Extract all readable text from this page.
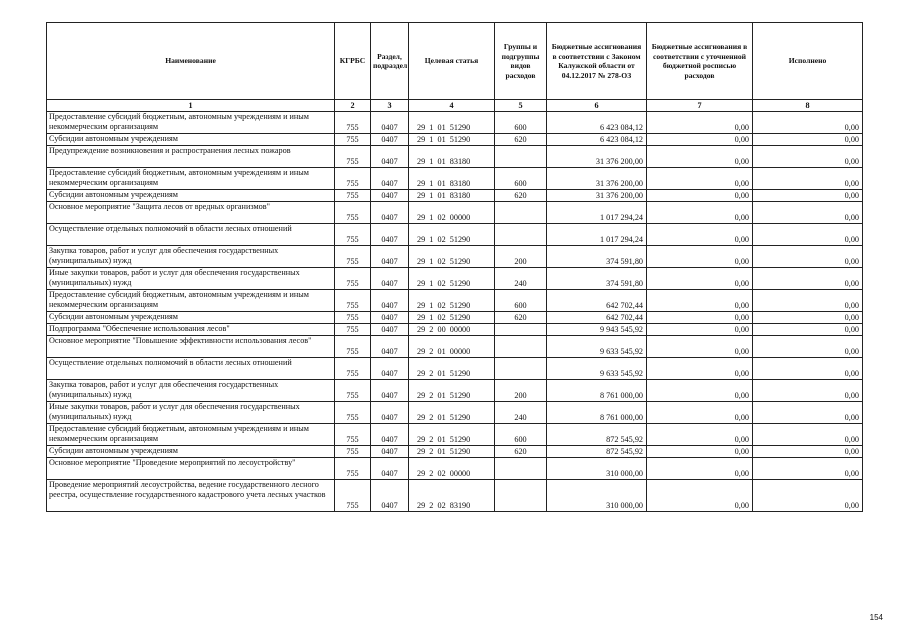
Наименование	КГРБС	Раздел, подраздел	Целевая статья	Группы и подгруппы видов расходов	Бюджетные ассигнования в соответствии с Законом Калужской области от 04.12.2017 № 278-ОЗ	Бюджетные ассигнования в соответствии с уточненной бюджетной росписью расходов	Исполнено
1	2	3	4	5	6	7	8
Предоставление субсидий бюджетным, автономным учреждениям и иным некоммерческим организациям	755	0407	29  1  01  51290	600	6 423 084,12	0,00	0,00
Субсидии автономным учреждениям	755	0407	29  1  01  51290	620	6 423 084,12	0,00	0,00
Предупреждение возникновения и распространения лесных пожаров	755	0407	29  1  01  83180		31 376 200,00	0,00	0,00
Предоставление субсидий бюджетным, автономным учреждениям и иным некоммерческим организациям	755	0407	29  1  01  83180	600	31 376 200,00	0,00	0,00
Субсидии автономным учреждениям	755	0407	29  1  01  83180	620	31 376 200,00	0,00	0,00
Основное мероприятие "Защита лесов от вредных организмов"	755	0407	29  1  02  00000		1 017 294,24	0,00	0,00
Осуществление отдельных полномочий в области лесных отношений	755	0407	29  1  02  51290		1 017 294,24	0,00	0,00
Закупка товаров, работ и услуг для обеспечения государственных (муниципальных) нужд	755	0407	29  1  02  51290	200	374 591,80	0,00	0,00
Иные закупки товаров, работ и услуг для обеспечения государственных (муниципальных) нужд	755	0407	29  1  02  51290	240	374 591,80	0,00	0,00
Предоставление субсидий бюджетным, автономным учреждениям и иным некоммерческим организациям	755	0407	29  1  02  51290	600	642 702,44	0,00	0,00
Субсидии автономным учреждениям	755	0407	29  1  02  51290	620	642 702,44	0,00	0,00
Подпрограмма "Обеспечение использования лесов"	755	0407	29  2  00  00000		9 943 545,92	0,00	0,00
Основное мероприятие "Повышение эффективности использования лесов"	755	0407	29  2  01  00000		9 633 545,92	0,00	0,00
Осуществление отдельных полномочий в области лесных отношений	755	0407	29  2  01  51290		9 633 545,92	0,00	0,00
Закупка товаров, работ и услуг для обеспечения государственных (муниципальных) нужд	755	0407	29  2  01  51290	200	8 761 000,00	0,00	0,00
Иные закупки товаров, работ и услуг для обеспечения государственных (муниципальных) нужд	755	0407	29  2  01  51290	240	8 761 000,00	0,00	0,00
Предоставление субсидий бюджетным, автономным учреждениям и иным некоммерческим организациям	755	0407	29  2  01  51290	600	872 545,92	0,00	0,00
Субсидии автономным учреждениям	755	0407	29  2  01  51290	620	872 545,92	0,00	0,00
Основное мероприятие "Проведение мероприятий по лесоустройству"	755	0407	29  2  02  00000		310 000,00	0,00	0,00
Проведение мероприятий лесоустройства, ведение государственного лесного реестра, осуществление государственного кадастрового учета лесных участков	755	0407	29  2  02  83190		310 000,00	0,00	0,00
154
